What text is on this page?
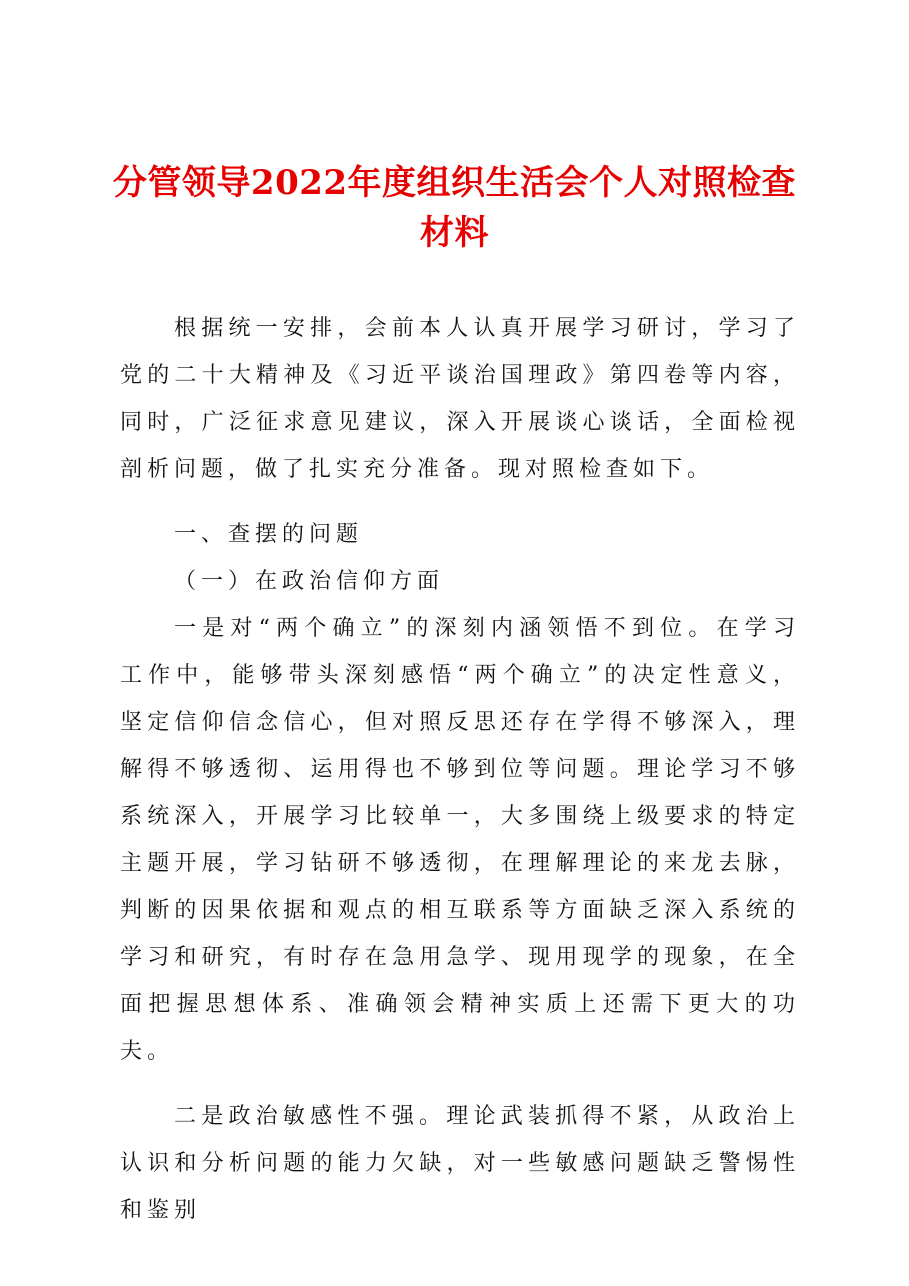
分管领导2022年度组织生活会个人对照检查
材料

根据统一安排，会前本人认真开展学习研讨，学习了党的二十大精神及《习近平谈治国理政》第四卷等内容，同时，广泛征求意见建议，深入开展谈心谈话，全面检视剖析问题，做了扎实充分准备。现对照检查如下。

一、查摆的问题

（一）在政治信仰方面

一是对“两个确立”的深刻内涵领悟不到位。在学习工作中，能够带头深刻感悟“两个确立”的决定性意义，坚定信仰信念信心，但对照反思还存在学得不够深入，理解得不够透彻、运用得也不够到位等问题。理论学习不够系统深入，开展学习比较单一，大多围绕上级要求的特定主题开展，学习钻研不够透彻，在理解理论的来龙去脉，判断的因果依据和观点的相互联系等方面缺乏深入系统的学习和研究，有时存在急用急学、现用现学的现象，在全面把握思想体系、准确领会精神实质上还需下更大的功夫。

二是政治敏感性不强。理论武装抓得不紧，从政治上认识和分析问题的能力欠缺，对一些敏感问题缺乏警惕性和鉴别
